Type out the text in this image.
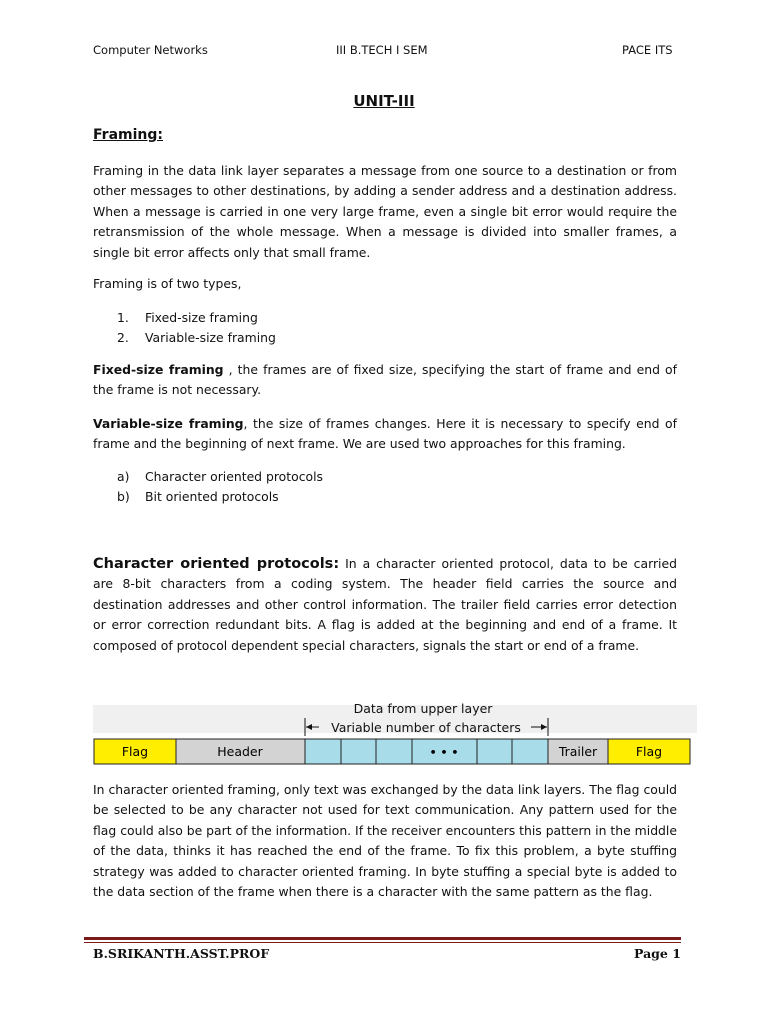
Computer Networks	III B.TECH I SEM	PACE ITS
UNIT-III
Framing:

Framing in the data link layer separates a message from one source to a destination or from other messages to other destinations, by adding a sender address and a destination address. When a message is carried in one very large frame, even a single bit error would require the retransmission of the whole message. When a message is divided into smaller frames, a single bit error affects only that small frame.

Framing is of two types,

1. Fixed-size framing
2. Variable-size framing

Fixed-size framing , the frames are of fixed size, specifying the start of frame and end of the frame is not necessary.

Variable-size framing, the size of frames changes. Here it is necessary to specify end of frame and the beginning of next frame. We are used two approaches for this framing.

a) Character oriented protocols
b) Bit oriented protocols

Character oriented protocols: In a character oriented protocol, data to be carried are 8-bit characters from a coding system. The header field carries the source and destination addresses and other control information. The trailer field carries error detection or error correction redundant bits. A flag is added at the beginning and end of a frame. It composed of protocol dependent special characters, signals the start or end of a frame.

Data from upper layer
Variable number of characters
Flag	Header	• • •	Trailer	Flag

In character oriented framing, only text was exchanged by the data link layers. The flag could be selected to be any character not used for text communication. Any pattern used for the flag could also be part of the information. If the receiver encounters this pattern in the middle of the data, thinks it has reached the end of the frame. To fix this problem, a byte stuffing strategy was added to character oriented framing. In byte stuffing a special byte is added to the data section of the frame when there is a character with the same pattern as the flag.

B.SRIKANTH.ASST.PROF	Page 1
